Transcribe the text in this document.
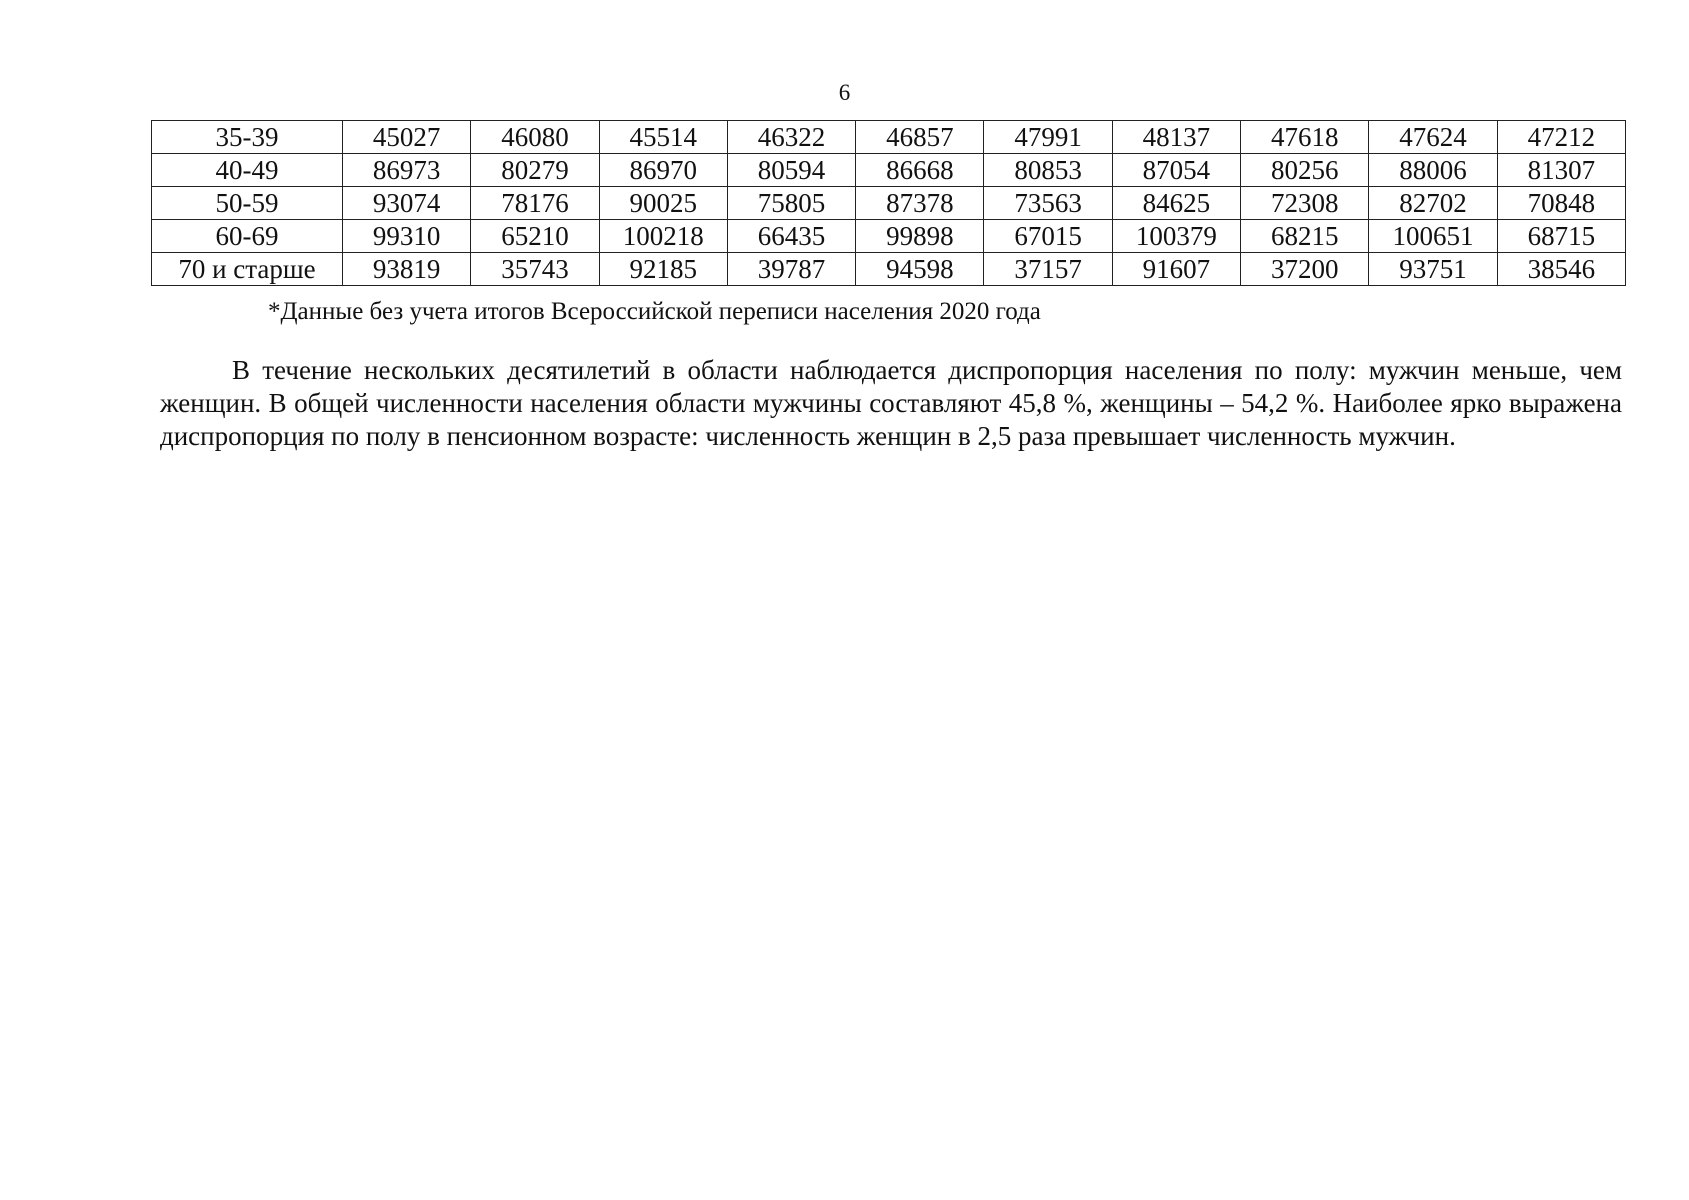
6
35-39	45027	46080	45514	46322	46857	47991	48137	47618	47624	47212
40-49	86973	80279	86970	80594	86668	80853	87054	80256	88006	81307
50-59	93074	78176	90025	75805	87378	73563	84625	72308	82702	70848
60-69	99310	65210	100218	66435	99898	67015	100379	68215	100651	68715
70 и старше	93819	35743	92185	39787	94598	37157	91607	37200	93751	38546
*Данные без учета итогов Всероссийской переписи населения 2020 года

В течение нескольких десятилетий в области наблюдается диспропорция населения по полу: мужчин меньше, чем женщин. В общей численности населения области мужчины составляют 45,8 %, женщины – 54,2 %. Наиболее ярко выражена диспропорция по полу в пенсионном возрасте: численность женщин в 2,5 раза превышает численность мужчин.
